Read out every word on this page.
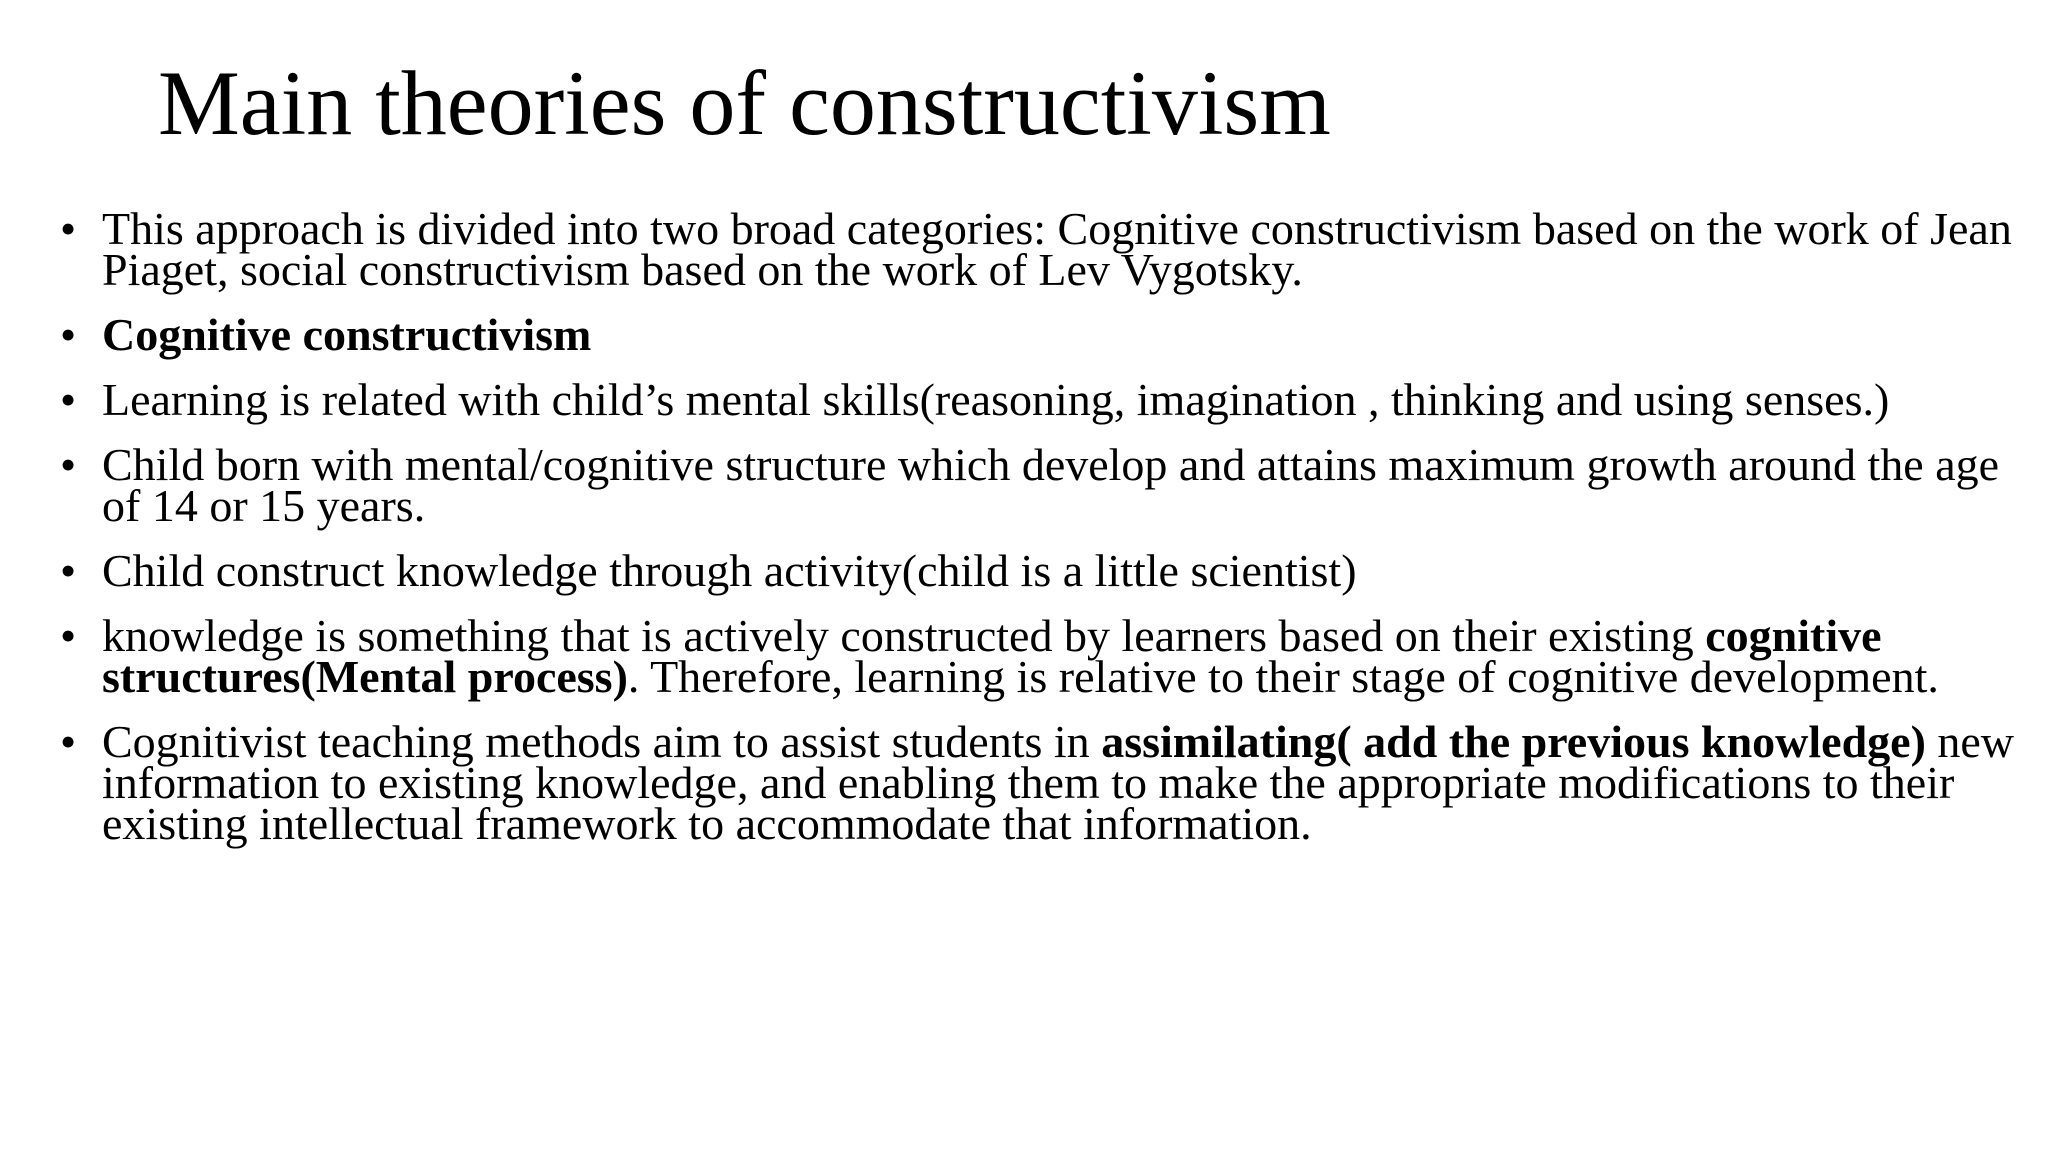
Main theories of constructivism
• This approach is divided into two broad categories: Cognitive constructivism based on the work of Jean Piaget, social constructivism based on the work of Lev Vygotsky.
• Cognitive constructivism
• Learning is related with child’s mental skills(reasoning, imagination , thinking and using senses.)
• Child born with mental/cognitive structure which develop and attains maximum growth around the age of 14 or 15 years.
• Child construct knowledge through activity(child is a little scientist)
• knowledge is something that is actively constructed by learners based on their existing cognitive structures(Mental process). Therefore, learning is relative to their stage of cognitive development.
• Cognitivist teaching methods aim to assist students in assimilating( add the previous knowledge) new information to existing knowledge, and enabling them to make the appropriate modifications to their existing intellectual framework to accommodate that information.
